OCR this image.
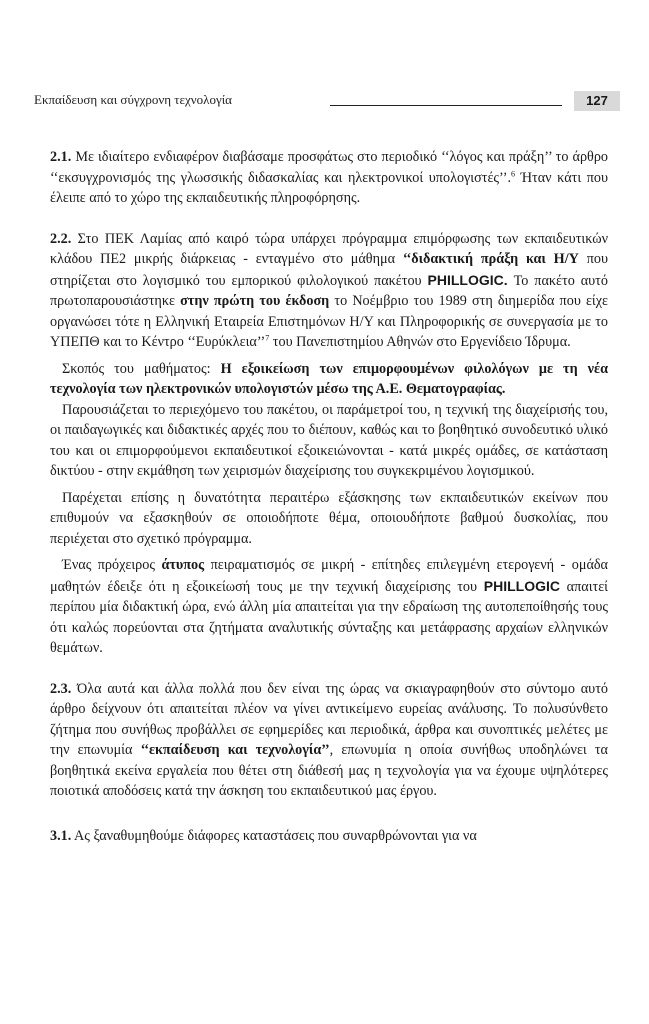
Εκπαίδευση και σύγχρονη τεχνολογία	127

2.1. Με ιδιαίτερο ενδιαφέρον διαβάσαμε προσφάτως στο περιοδικό ‘‘λόγος και πράξη’’ το άρθρο ‘‘εκσυγχρονισμός της γλωσσικής διδασκαλίας και ηλεκτρονικοί υπολογιστές’’.$^6$ Ήταν κάτι που έλειπε από το χώρο της εκπαιδευτικής πληροφόρησης.

2.2. Στο ΠΕΚ Λαμίας από καιρό τώρα υπάρχει πρόγραμμα επιμόρφωσης των εκπαιδευτικών κλάδου ΠΕ2 μικρής διάρκειας - ενταγμένο στο μάθημα ‘‘διδακτική πράξη και Η/Υ που στηρίζεται στο λογισμικό του εμπορικού φιλολογικού πακέτου PHILLOGIC. Το πακέτο αυτό πρωτοπαρουσιάστηκε στην πρώτη του έκδοση το Νοέμβριο του 1989 στη διημερίδα που είχε οργανώσει τότε η Ελληνική Εταιρεία Επιστημόνων Η/Υ και Πληροφορικής σε συνεργασία με το ΥΠΕΠΘ και το Κέντρο ‘‘Ευρύκλεια’’$^7$ του Πανεπιστημίου Αθηνών στο Εργενίδειο Ίδρυμα.

Σκοπός του μαθήματος: Η εξοικείωση των επιμορφουμένων φιλολόγων με τη νέα τεχνολογία των ηλεκτρονικών υπολογιστών μέσω της Α.Ε. Θεματογραφίας.

Παρουσιάζεται το περιεχόμενο του πακέτου, οι παράμετροί του, η τεχνική της διαχείρισής του, οι παιδαγωγικές και διδακτικές αρχές που το διέπουν, καθώς και το βοηθητικό συνοδευτικό υλικό του και οι επιμορφούμενοι εκπαιδευτικοί εξοικειώνονται - κατά μικρές ομάδες, σε κατάσταση δικτύου - στην εκμάθηση των χειρισμών διαχείρισης του συγκεκριμένου λογισμικού.

Παρέχεται επίσης η δυνατότητα περαιτέρω εξάσκησης των εκπαιδευτικών εκείνων που επιθυμούν να εξασκηθούν σε οποιοδήποτε θέμα, οποιουδήποτε βαθμού δυσκολίας, που περιέχεται στο σχετικό πρόγραμμα.

Ένας πρόχειρος άτυπος πειραματισμός σε μικρή - επίτηδες επιλεγμένη ετερογενή - ομάδα μαθητών έδειξε ότι η εξοικείωσή τους με την τεχνική διαχείρισης του PHILLOGIC απαιτεί περίπου μία διδακτική ώρα, ενώ άλλη μία απαιτείται για την εδραίωση της αυτοπεποίθησής τους ότι καλώς πορεύονται στα ζητήματα αναλυτικής σύνταξης και μετάφρασης αρχαίων ελληνικών θεμάτων.

2.3. Όλα αυτά και άλλα πολλά που δεν είναι της ώρας να σκιαγραφηθούν στο σύντομο αυτό άρθρο δείχνουν ότι απαιτείται πλέον να γίνει αντικείμενο ευρείας ανάλυσης. Το πολυσύνθετο ζήτημα που συνήθως προβάλλει σε εφημερίδες και περιοδικά, άρθρα και συνοπτικές μελέτες με την επωνυμία ‘‘εκπαίδευση και τεχνολογία’’, επωνυμία η οποία συνήθως υποδηλώνει τα βοηθητικά εκείνα εργαλεία που θέτει στη διάθεσή μας η τεχνολογία για να έχουμε υψηλότερες ποιοτικά αποδόσεις κατά την άσκηση του εκπαιδευτικού μας έργου.

3.1. Ας ξαναθυμηθούμε διάφορες καταστάσεις που συναρθρώνονται για να
